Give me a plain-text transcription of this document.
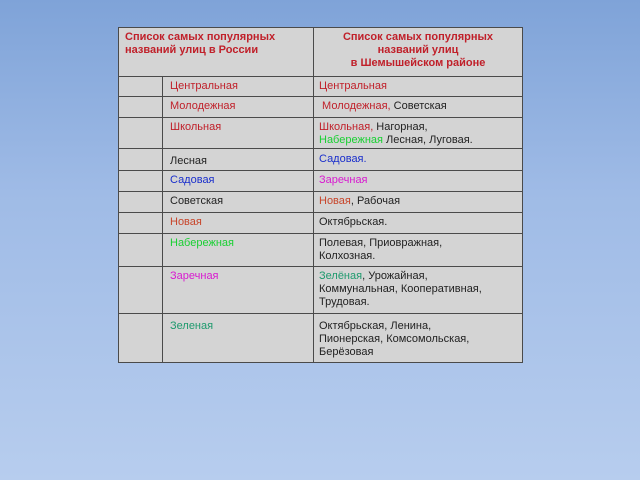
Список самых популярных названий улиц в России
Список самых популярных
названий улиц
в Шемышейском районе
Центральная	Центральная
Молодежная	Молодежная, Советская
Школьная	Школьная, Нагорная,
Набережная Лесная, Луговая.
Лесная	Садовая.
Садовая	Заречная
Советская	Новая, Рабочая
Новая	Октябрьская.
Набережная	Полевая, Приовражная,
Колхозная.
Заречная	Зелёная, Урожайная,
Коммунальная, Кооперативная,
Трудовая.
Зеленая	Октябрьская, Ленина,
Пионерская, Комсомольская,
Берёзовая
